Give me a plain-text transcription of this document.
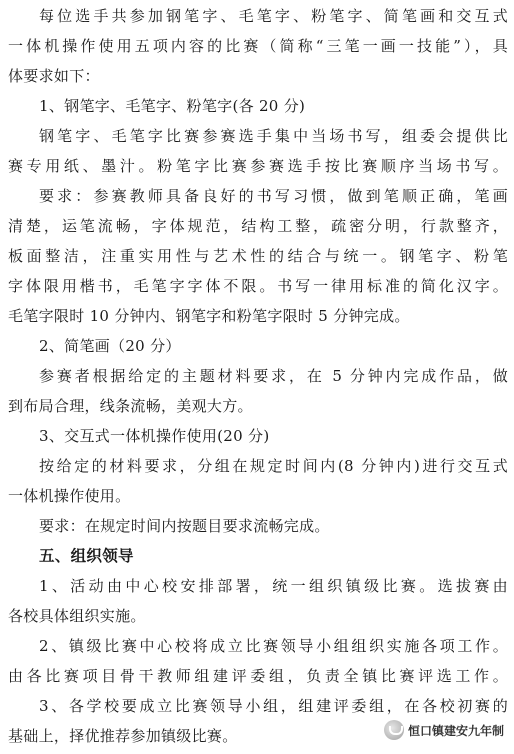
每位选手共参加钢笔字、毛笔字、粉笔字、简笔画和交互式
一体机操作使用五项内容的比赛（简称“三笔一画一技能”），具
体要求如下：
1、钢笔字、毛笔字、粉笔字(各 20 分)
钢笔字、毛笔字比赛参赛选手集中当场书写，组委会提供比
赛专用纸、墨汁。粉笔字比赛参赛选手按比赛顺序当场书写。
要求：参赛教师具备良好的书写习惯，做到笔顺正确，笔画
清楚，运笔流畅，字体规范，结构工整，疏密分明，行款整齐，
板面整洁，注重实用性与艺术性的结合与统一。钢笔字、粉笔
字体限用楷书，毛笔字字体不限。书写一律用标准的简化汉字。
毛笔字限时 10 分钟内、钢笔字和粉笔字限时 5 分钟完成。
2、简笔画（20 分）
参赛者根据给定的主题材料要求，在 5 分钟内完成作品，做
到布局合理，线条流畅，美观大方。
3、交互式一体机操作使用(20 分)
按给定的材料要求，分组在规定时间内(8 分钟内)进行交互式
一体机操作使用。
要求：在规定时间内按题目要求流畅完成。
五、组织领导
1、活动由中心校安排部署，统一组织镇级比赛。选拔赛由
各校具体组织实施。
2、镇级比赛中心校将成立比赛领导小组组织实施各项工作。
由各比赛项目骨干教师组建评委组，负责全镇比赛评选工作。
3、各学校要成立比赛领导小组，组建评委组，在各校初赛的
基础上，择优推荐参加镇级比赛。	恒口镇建安九年制
